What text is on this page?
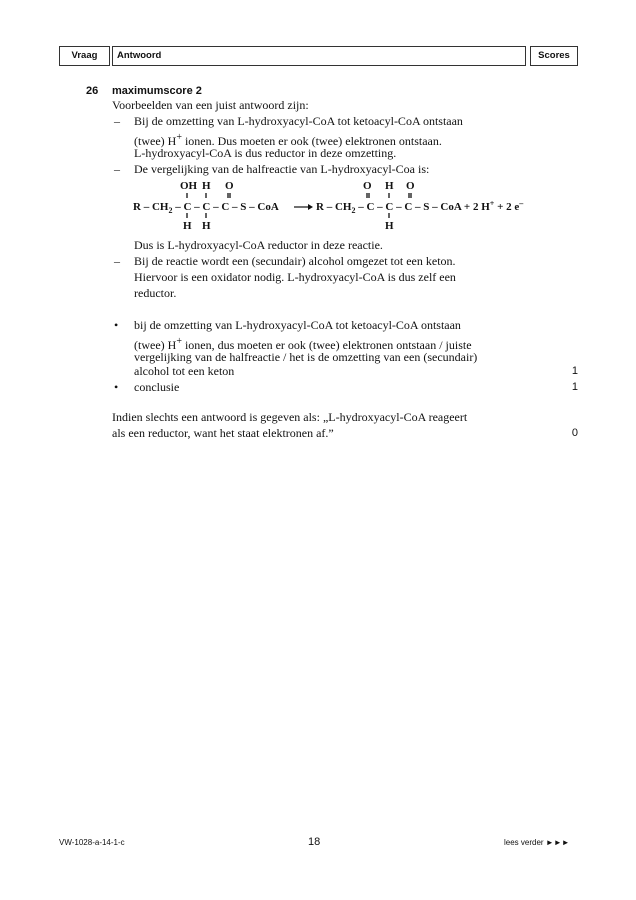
Vraag	Antwoord	Scores
26 maximumscore 2
Voorbeelden van een juist antwoord zijn:
– Bij de omzetting van L-hydroxyacyl-CoA tot ketoacyl-CoA ontstaan
(twee) H+ ionen. Dus moeten er ook (twee) elektronen ontstaan.
L-hydroxyacyl-CoA is dus reductor in deze omzetting.
– De vergelijking van de halfreactie van L-hydroxyacyl-Coa is:
OH H O
R – $CH_2$ – C – C – C – S – CoA
H H
O H O
R – $CH_2$ – C – C – C – S – CoA + 2 H+ + 2 e–
H
Dus is L-hydroxyacyl-CoA reductor in deze reactie.
– Bij de reactie wordt een (secundair) alcohol omgezet tot een keton.
Hiervoor is een oxidator nodig. L-hydroxyacyl-CoA is dus zelf een
reductor.
• bij de omzetting van L-hydroxyacyl-CoA tot ketoacyl-CoA ontstaan
(twee) H+ ionen, dus moeten er ook (twee) elektronen ontstaan / juiste
vergelijking van de halfreactie / het is de omzetting van een (secundair)
alcohol tot een keton	1
• conclusie	1
Indien slechts een antwoord is gegeven als: „L-hydroxyacyl-CoA reageert
als een reductor, want het staat elektronen af.”	0
VW-1028-a-14-1-c	18	lees verder ►►►
